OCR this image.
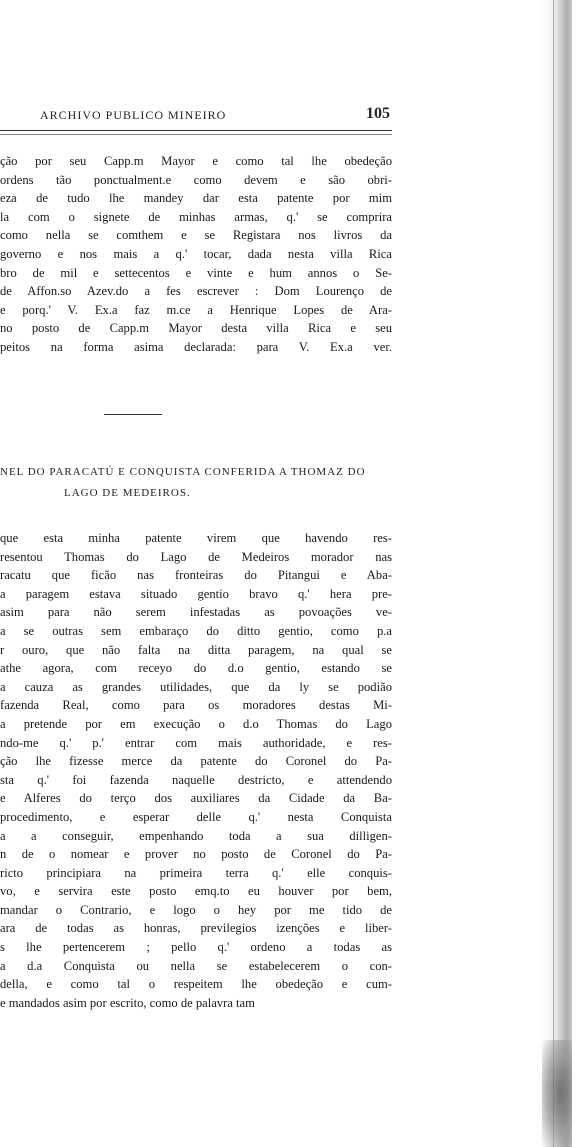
ARCHIVO PUBLICO MINEIRO	105
ção por seu Capp.m Mayor e como tal lhe obedeção
ordens tão ponctualment.e como devem e são obri-
eza de tudo lhe mandey dar esta patente por mim
la com o signete de minhas armas, q.' se comprira
como nella se comthem e se Registara nos livros da
governo e nos mais a q.' tocar, dada nesta villa Rica
bro de mil e settecentos e vinte e hum annos o Se-
de Affon.so Azev.do a fes escrever : Dom Lourenço de
e porq.' V. Ex.a faz m.ce a Henrique Lopes de Ara-
no posto de Capp.m Mayor desta villa Rica e seu
peitos na forma asima declarada: para V. Ex.a ver.
NEL DO PARACATÚ E CONQUISTA CONFERIDA A THOMAZ DO
LAGO DE MEDEIROS.
que esta minha patente virem que havendo res-
resentou Thomas do Lago de Medeiros morador nas
racatu que ficão nas fronteiras do Pitangui e Aba-
a paragem estava situado gentio bravo q.' hera pre-
asim para não serem infestadas as povoações ve-
a se outras sem embaraço do ditto gentio, como p.a
r ouro, que não falta na ditta paragem, na qual se
athe agora, com receyo do d.o gentio, estando se
a cauza as grandes utilidades, que da ly se podião
fazenda Real, como para os moradores destas Mi-
a pretende por em execução o d.o Thomas do Lago
ndo-me q.' p.' entrar com mais authoridade, e res-
ção lhe fizesse merce da patente do Coronel do Pa-
sta q.' foi fazenda naquelle destricto, e attendendo
e Alferes do terço dos auxiliares da Cidade da Ba-
procedimento, e esperar delle q.' nesta Conquista
a a conseguir, empenhando toda a sua dilligen-
n de o nomear e prover no posto de Coronel do Pa-
ricto principiara na primeira terra q.' elle conquis-
vo, e servira este posto emq.to eu houver por bem,
mandar o Contrario, e logo o hey por me tido de
ara de todas as honras, previlegios izenções e liber-
s lhe pertencerem ; pello q.' ordeno a todas as
a d.a Conquista ou nella se estabelecerem o con-
della, e como tal o respeitem lhe obedeção e cum-
e mandados asim por escrito, como de palavra tam
